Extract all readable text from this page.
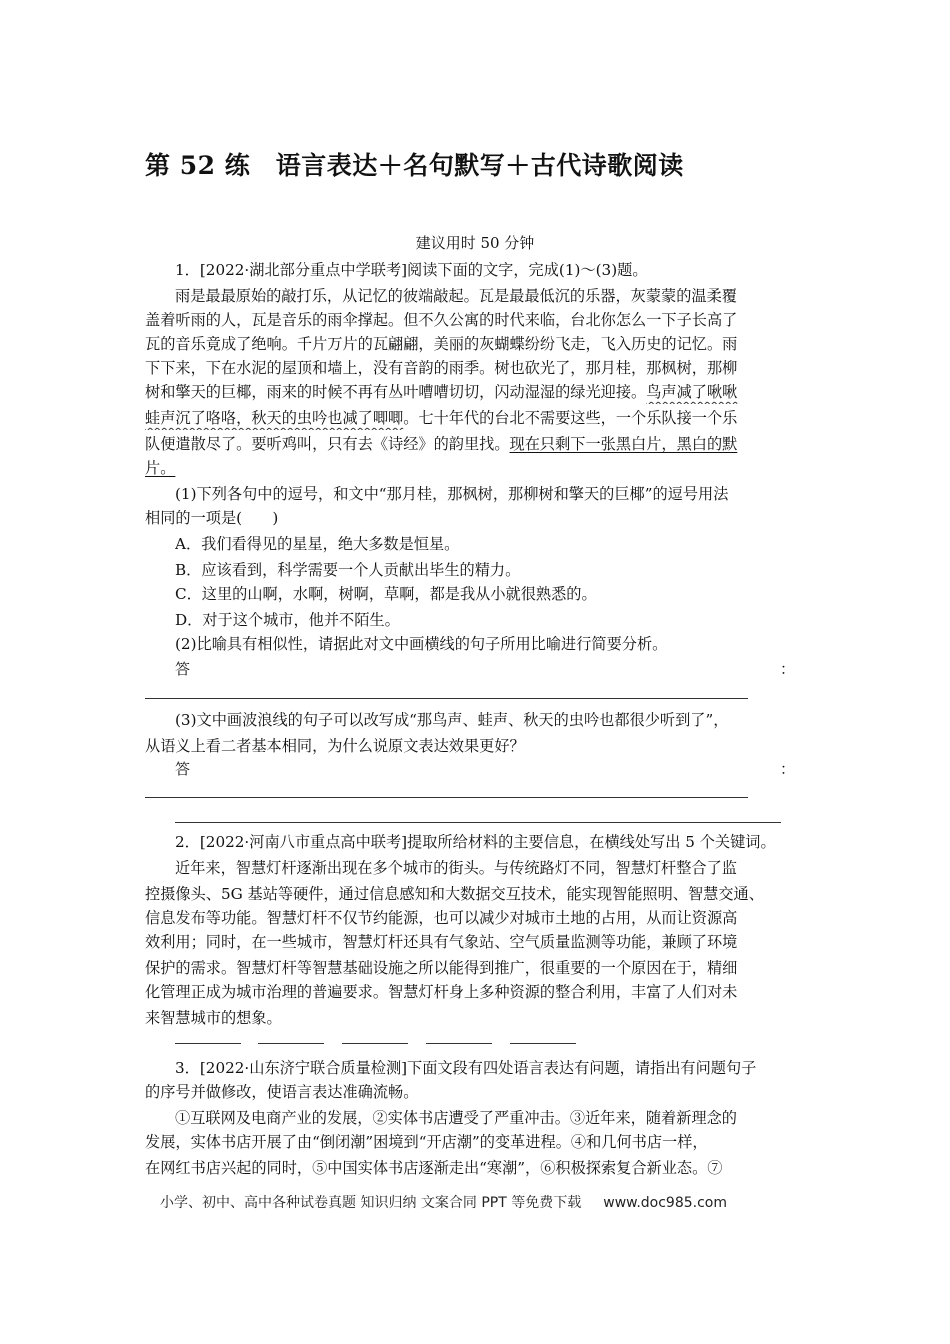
第 52 练　语言表达＋名句默写＋古代诗歌阅读
建议用时 50 分钟
1．[2022·湖北部分重点中学联考]阅读下面的文字，完成(1)～(3)题。
雨是最最原始的敲打乐，从记忆的彼端敲起。瓦是最最低沉的乐器，灰蒙蒙的温柔覆
盖着听雨的人，瓦是音乐的雨伞撑起。但不久公寓的时代来临，台北你怎么一下子长高了
瓦的音乐竟成了绝响。千片万片的瓦翩翩，美丽的灰蝴蝶纷纷飞走，飞入历史的记忆。雨
下下来，下在水泥的屋顶和墙上，没有音韵的雨季。树也砍光了，那月桂，那枫树，那柳
树和擎天的巨椰，雨来的时候不再有丛叶嘈嘈切切，闪动湿湿的绿光迎接。鸟声减了啾啾
蛙声沉了咯咯，秋天的虫吟也减了唧唧。七十年代的台北不需要这些，一个乐队接一个乐
队便遣散尽了。要听鸡叫，只有去《诗经》的韵里找。现在只剩下一张黑白片，黑白的默
片。
(1)下列各句中的逗号，和文中“那月桂，那枫树，那柳树和擎天的巨椰”的逗号用法
相同的一项是(　　)
A．我们看得见的星星，绝大多数是恒星。
B．应该看到，科学需要一个人贡献出毕生的精力。
C．这里的山啊，水啊，树啊，草啊，都是我从小就很熟悉的。
D．对于这个城市，他并不陌生。
(2)比喻具有相似性，请据此对文中画横线的句子所用比喻进行简要分析。
答	：
(3)文中画波浪线的句子可以改写成“那鸟声、蛙声、秋天的虫吟也都很少听到了”，
从语义上看二者基本相同，为什么说原文表达效果更好？
答	：
2．[2022·河南八市重点高中联考]提取所给材料的主要信息，在横线处写出 5 个关键词。
近年来，智慧灯杆逐渐出现在多个城市的街头。与传统路灯不同，智慧灯杆整合了监
控摄像头、5G 基站等硬件，通过信息感知和大数据交互技术，能实现智能照明、智慧交通、
信息发布等功能。智慧灯杆不仅节约能源，也可以减少对城市土地的占用，从而让资源高
效利用；同时，在一些城市，智慧灯杆还具有气象站、空气质量监测等功能，兼顾了环境
保护的需求。智慧灯杆等智慧基础设施之所以能得到推广，很重要的一个原因在于，精细
化管理正成为城市治理的普遍要求。智慧灯杆身上多种资源的整合利用，丰富了人们对未
来智慧城市的想象。
3．[2022·山东济宁联合质量检测]下面文段有四处语言表达有问题，请指出有问题句子
的序号并做修改，使语言表达准确流畅。
①互联网及电商产业的发展，②实体书店遭受了严重冲击。③近年来，随着新理念的
发展，实体书店开展了由“倒闭潮”困境到“开店潮”的变革进程。④和几何书店一样，
在网红书店兴起的同时，⑤中国实体书店逐渐走出“寒潮”，⑥积极探索复合新业态。⑦
小学、初中、高中各种试卷真题 知识归纳 文案合同 PPT 等免费下载 www.doc985.com
